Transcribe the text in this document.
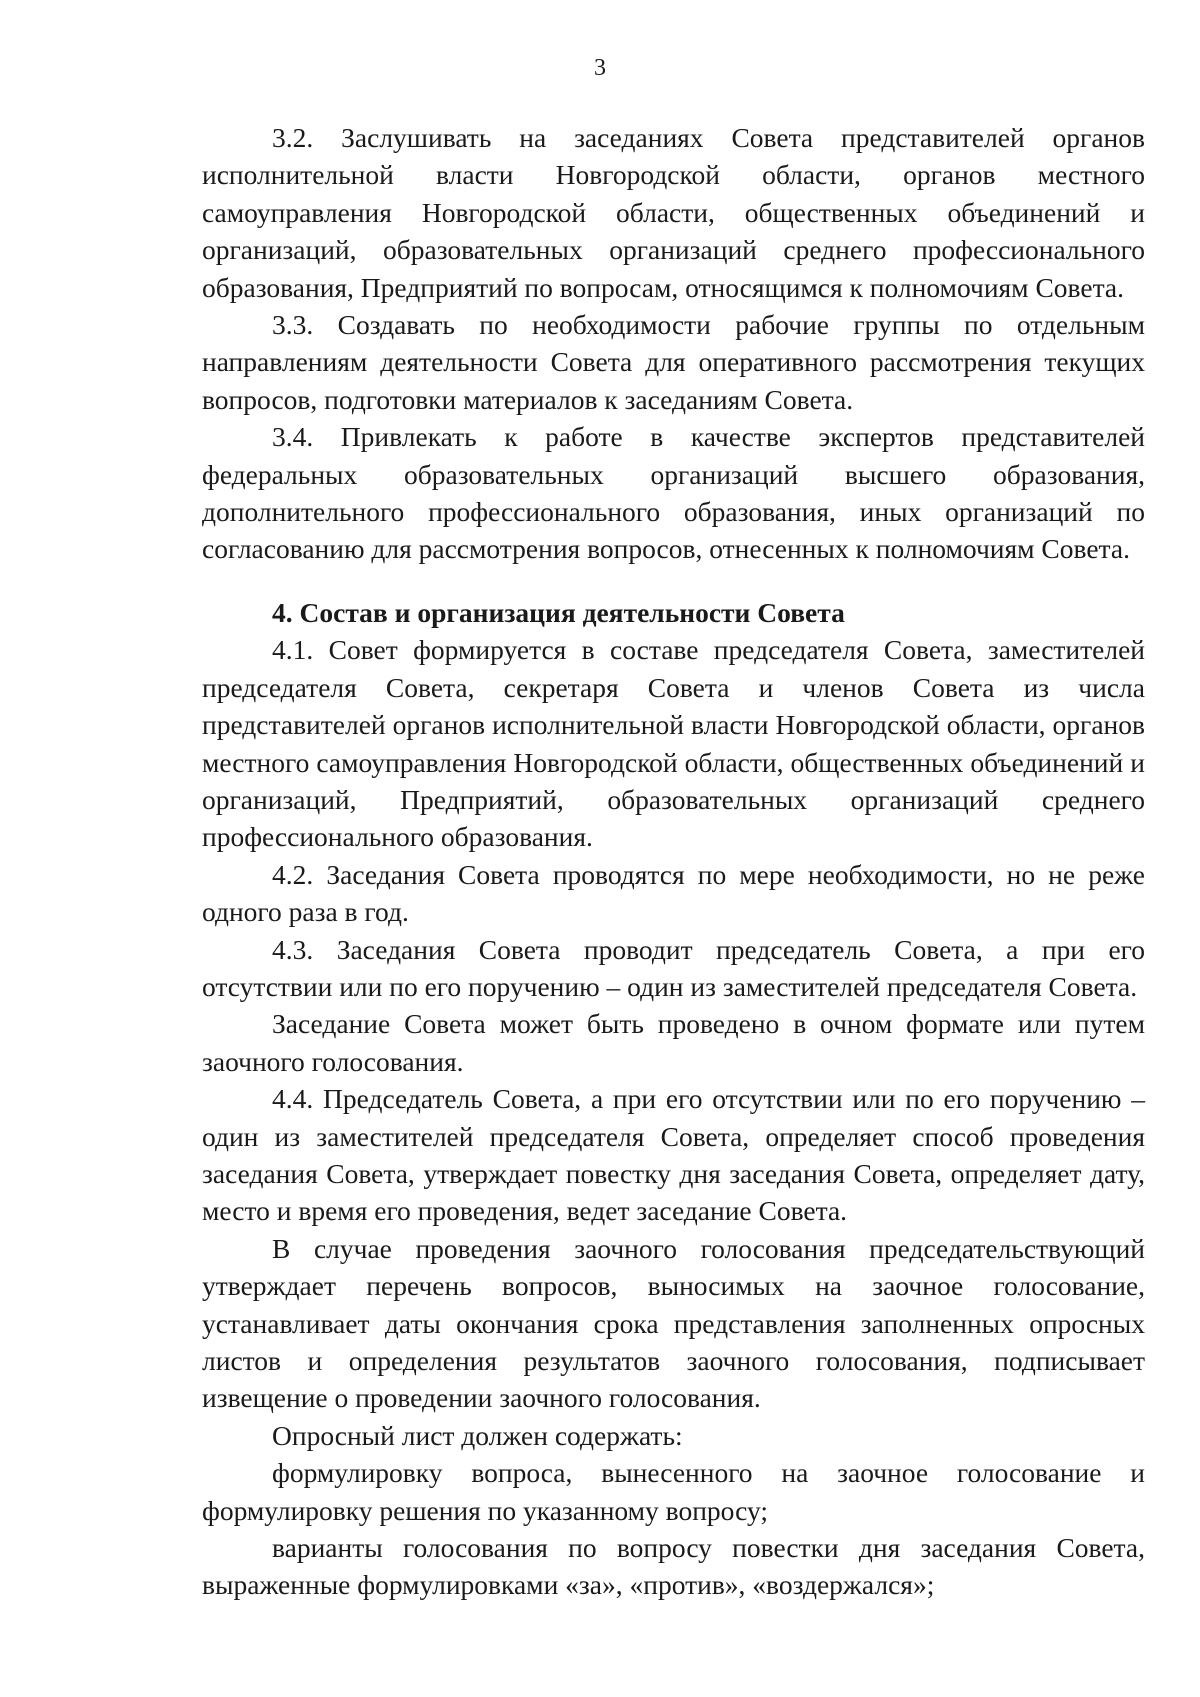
3

3.2. Заслушивать на заседаниях Совета представителей органов исполнительной власти Новгородской области, органов местного самоуправления Новгородской области, общественных объединений и организаций, образовательных организаций среднего профессионального образования, Предприятий по вопросам, относящимся к полномочиям Совета.

3.3. Создавать по необходимости рабочие группы по отдельным направлениям деятельности Совета для оперативного рассмотрения текущих вопросов, подготовки материалов к заседаниям Совета.

3.4. Привлекать к работе в качестве экспертов представителей федеральных образовательных организаций высшего образования, дополнительного профессионального образования, иных организаций по согласованию для рассмотрения вопросов, отнесенных к полномочиям Совета.

4. Состав и организация деятельности Совета

4.1. Совет формируется в составе председателя Совета, заместителей председателя Совета, секретаря Совета и членов Совета из числа представителей органов исполнительной власти Новгородской области, органов местного самоуправления Новгородской области, общественных объединений и организаций, Предприятий, образовательных организаций среднего профессионального образования.

4.2. Заседания Совета проводятся по мере необходимости, но не реже одного раза в год.

4.3. Заседания Совета проводит председатель Совета, а при его отсутствии или по его поручению – один из заместителей председателя Совета.

Заседание Совета может быть проведено в очном формате или путем заочного голосования.

4.4. Председатель Совета, а при его отсутствии или по его поручению – один из заместителей председателя Совета, определяет способ проведения заседания Совета, утверждает повестку дня заседания Совета, определяет дату, место и время его проведения, ведет заседание Совета.

В случае проведения заочного голосования председательствующий утверждает перечень вопросов, выносимых на заочное голосование, устанавливает даты окончания срока представления заполненных опросных листов и определения результатов заочного голосования, подписывает извещение о проведении заочного голосования.

Опросный лист должен содержать:

формулировку вопроса, вынесенного на заочное голосование и формулировку решения по указанному вопросу;

варианты голосования по вопросу повестки дня заседания Совета, выраженные формулировками «за», «против», «воздержался»;
